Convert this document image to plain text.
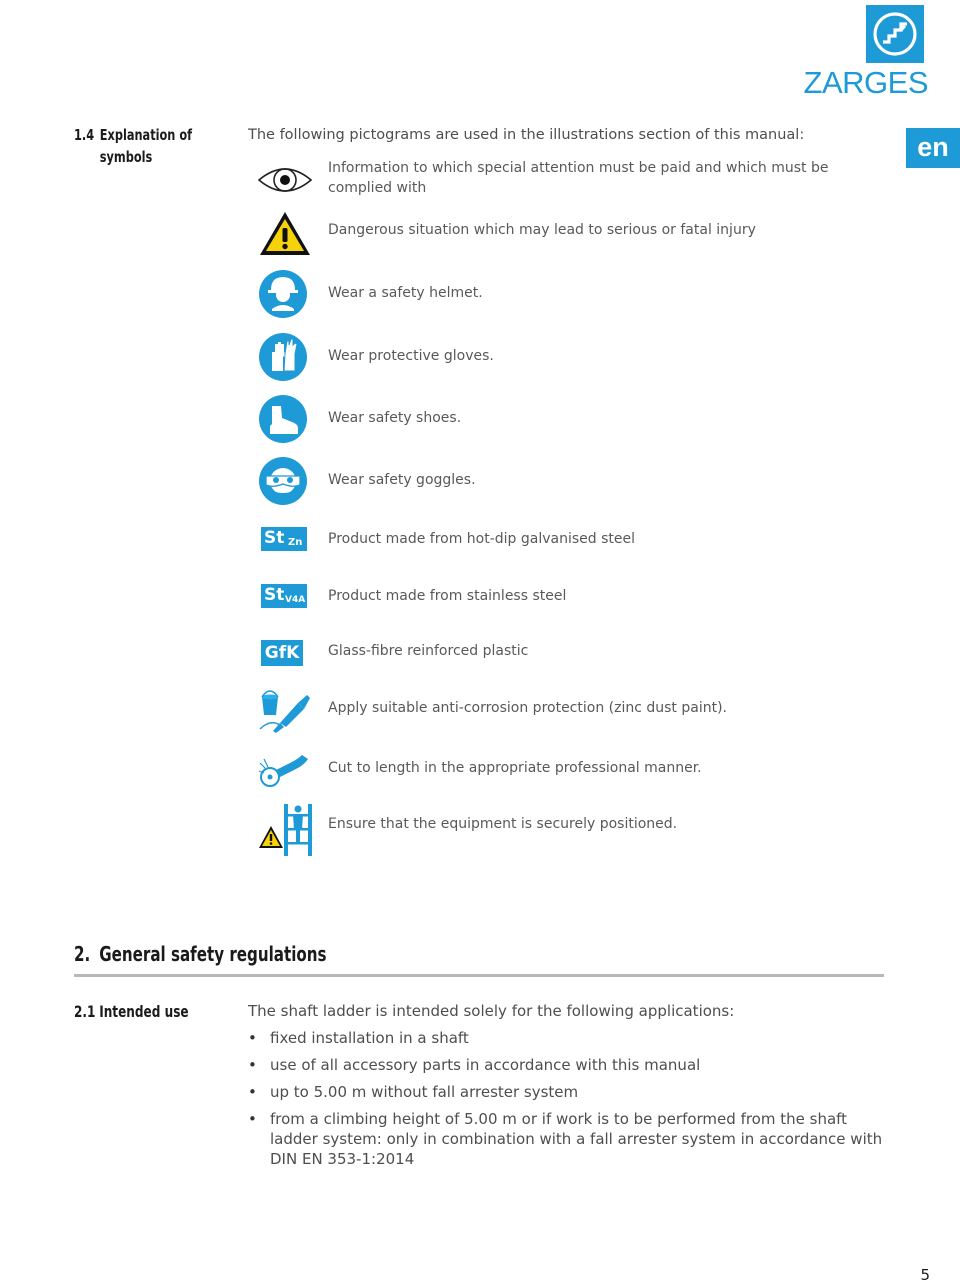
ZARGES
en
1.4 Explanation of
symbols
The following pictograms are used in the illustrations section of this manual:
St Zn
St V4A
GfK
Information to which special attention must be paid and which must be complied with
Dangerous situation which may lead to serious or fatal injury
Wear a safety helmet.
Wear protective gloves.
Wear safety shoes.
Wear safety goggles.
Product made from hot-dip galvanised steel
Product made from stainless steel
Glass-fibre reinforced plastic
Apply suitable anti-corrosion protection (zinc dust paint).
Cut to length in the appropriate professional manner.
Ensure that the equipment is securely positioned.
2. General safety regulations
2.1 Intended use	The shaft ladder is intended solely for the following applications:
• fixed installation in a shaft
• use of all accessory parts in accordance with this manual
• up to 5.00 m without fall arrester system
• from a climbing height of 5.00 m or if work is to be performed from the shaft ladder system: only in combination with a fall arrester system in accordance with DIN EN 353-1:2014
5
